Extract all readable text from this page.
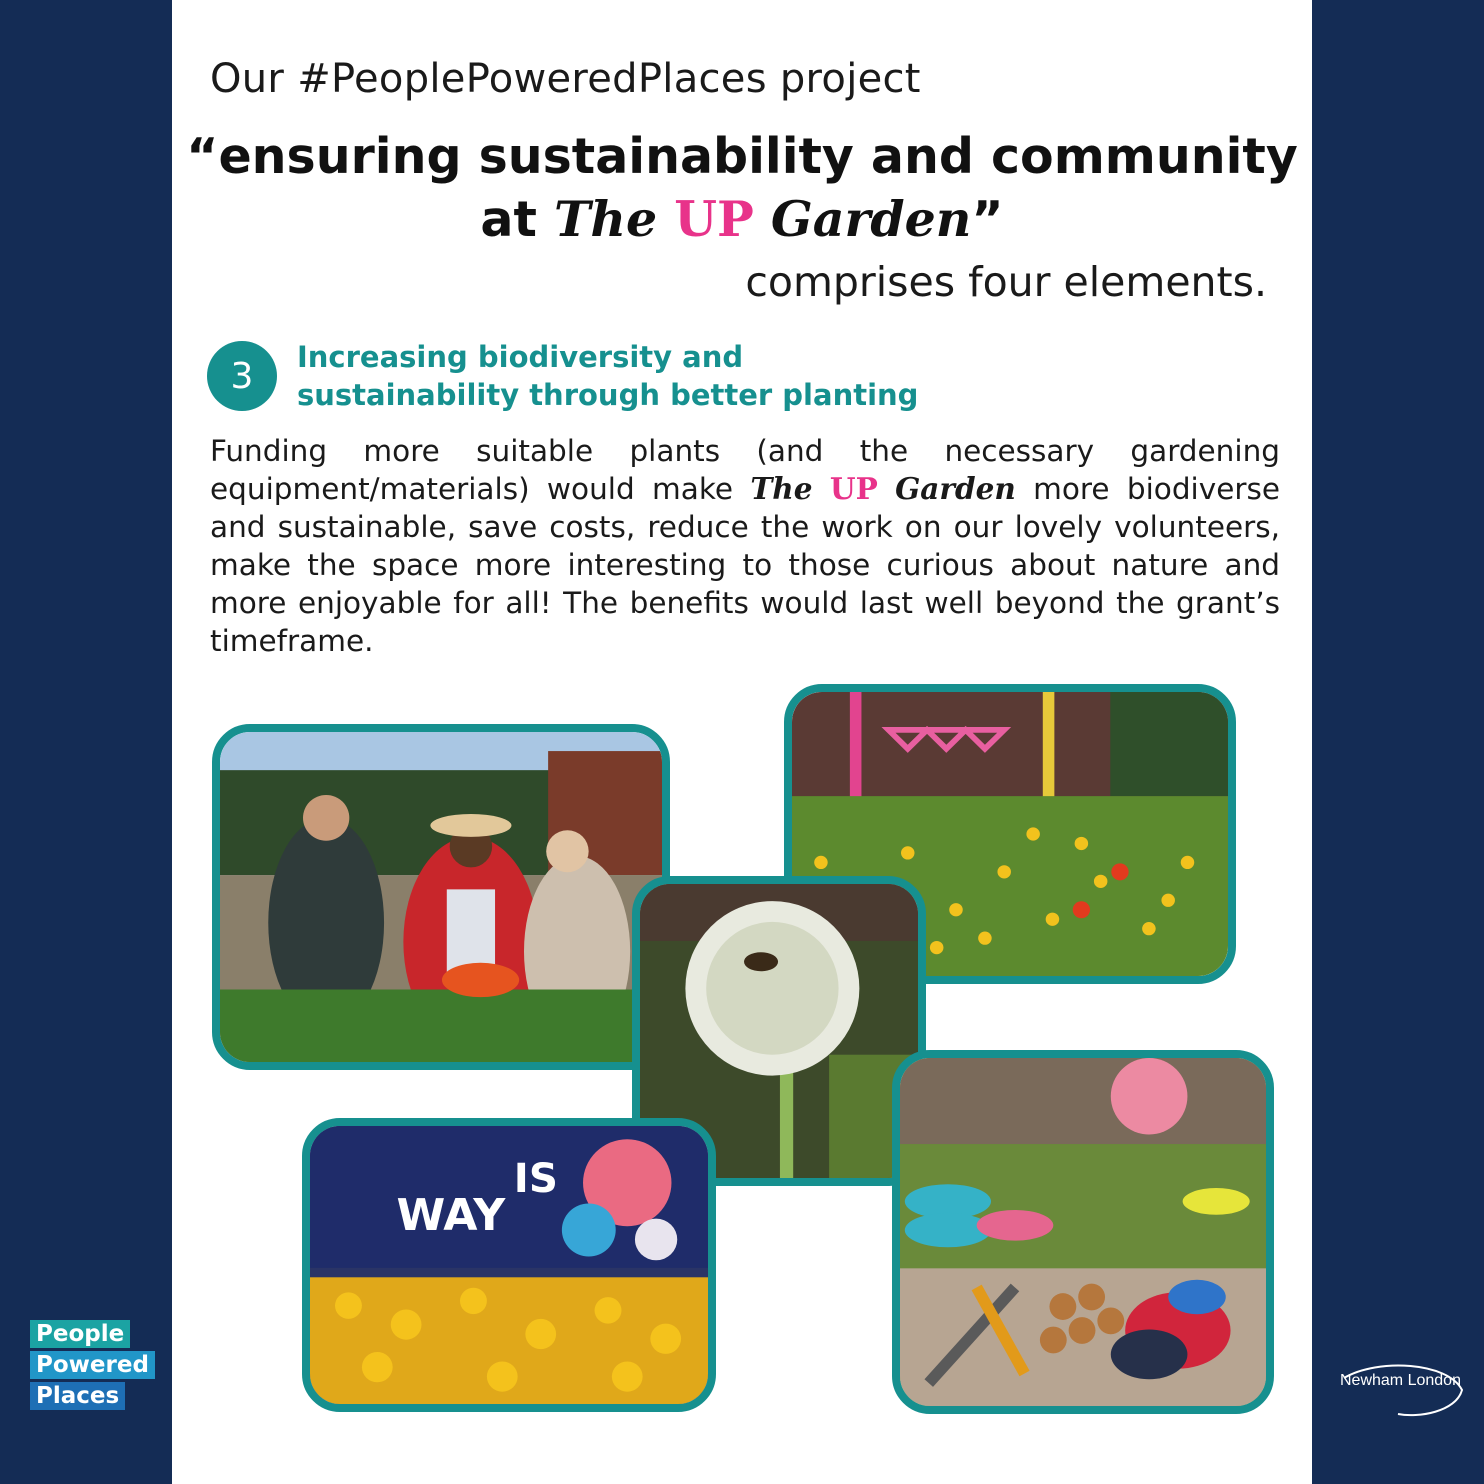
Our #PeoplePoweredPlaces project
“ensuring sustainability and community
at The UP Garden”
comprises four elements.
3	Increasing biodiversity and
sustainability through better planting
Funding more suitable plants (and the necessary gardening equipment/materials) would make The UP Garden more biodiverse and sustainable, save costs, reduce the work on our lovely volunteers, make the space more interesting to those curious about nature and more enjoyable for all! The benefits would last well beyond the grant’s timeframe.
WAY
IS
People
Powered
Places
Newham London
